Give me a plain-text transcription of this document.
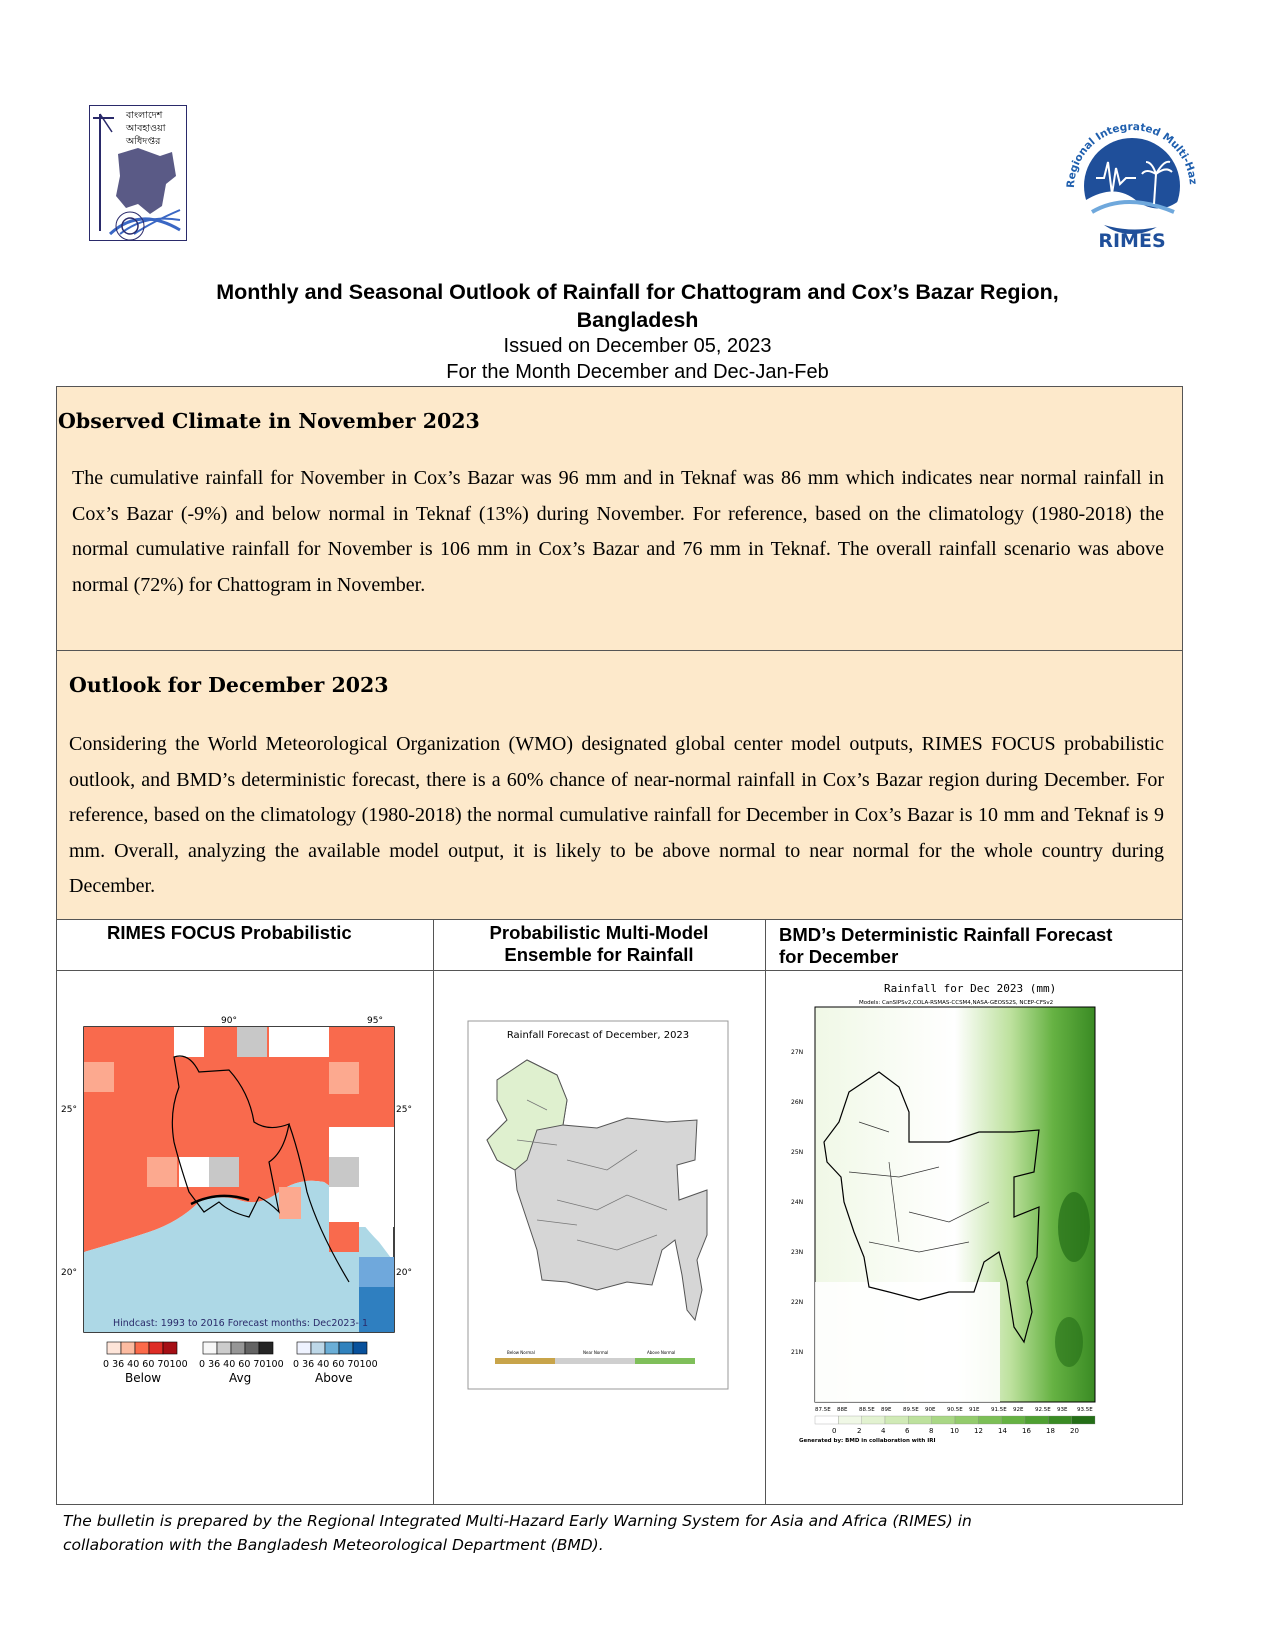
বাংলাদেশ
আবহাওয়া
অধিদপ্তর
Regional Integrated Multi-Haz
RIMES
Monthly and Seasonal Outlook of Rainfall for Chattogram and Cox’s Bazar Region,
Bangladesh
Issued on December 05, 2023
For the Month December and Dec-Jan-Feb
Observed Climate in November 2023
The cumulative rainfall for November in Cox’s Bazar was 96 mm and in Teknaf was 86 mm which indicates near normal rainfall in Cox’s Bazar (-9%) and below normal in Teknaf (13%) during November. For reference, based on the climatology (1980-2018) the normal cumulative rainfall for November is 106 mm in Cox’s Bazar and 76 mm in Teknaf. The overall rainfall scenario was above normal (72%) for Chattogram in November.
Outlook for December 2023
Considering the World Meteorological Organization (WMO) designated global center model outputs, RIMES FOCUS probabilistic outlook, and BMD’s deterministic forecast, there is a 60% chance of near-normal rainfall in Cox’s Bazar region during December. For reference, based on the climatology (1980-2018) the normal cumulative rainfall for December in Cox’s Bazar is 10 mm and Teknaf is 9 mm. Overall, analyzing the available model output, it is likely to be above normal to near normal for the whole country during December.
RIMES FOCUS Probabilistic	Probabilistic Multi-Model
Ensemble for Rainfall
BMD’s Deterministic Rainfall Forecast
for December
90°	95°
25°	25°
20°	20°
Hindcast: 1993 to 2016 Forecast months: Dec2023- 1
0 36 40 60 70100
Below
0 36 40 60 70100
Avg
0 36 40 60 70100
Above
Rainfall Forecast of December, 2023
Below Normal	Near Normal	Above Normal
Rainfall for Dec 2023 (mm)
Models: CanSIPSv2,COLA-RSMAS-CCSM4,NASA-GEOSS2S, NCEP-CFSv2
27N
26N
25N
24N
23N
22N
21N
87.5E 88E 88.5E 89E 89.5E 90E 90.5E 91E 91.5E 92E 92.5E 93E 93.5E
0	2	4	6	8 10 12 14 16 18 20
Generated by: BMD in collaboration with IRI
The bulletin is prepared by the Regional Integrated Multi-Hazard Early Warning System for Asia and Africa (RIMES) in
collaboration with the Bangladesh Meteorological Department (BMD).
